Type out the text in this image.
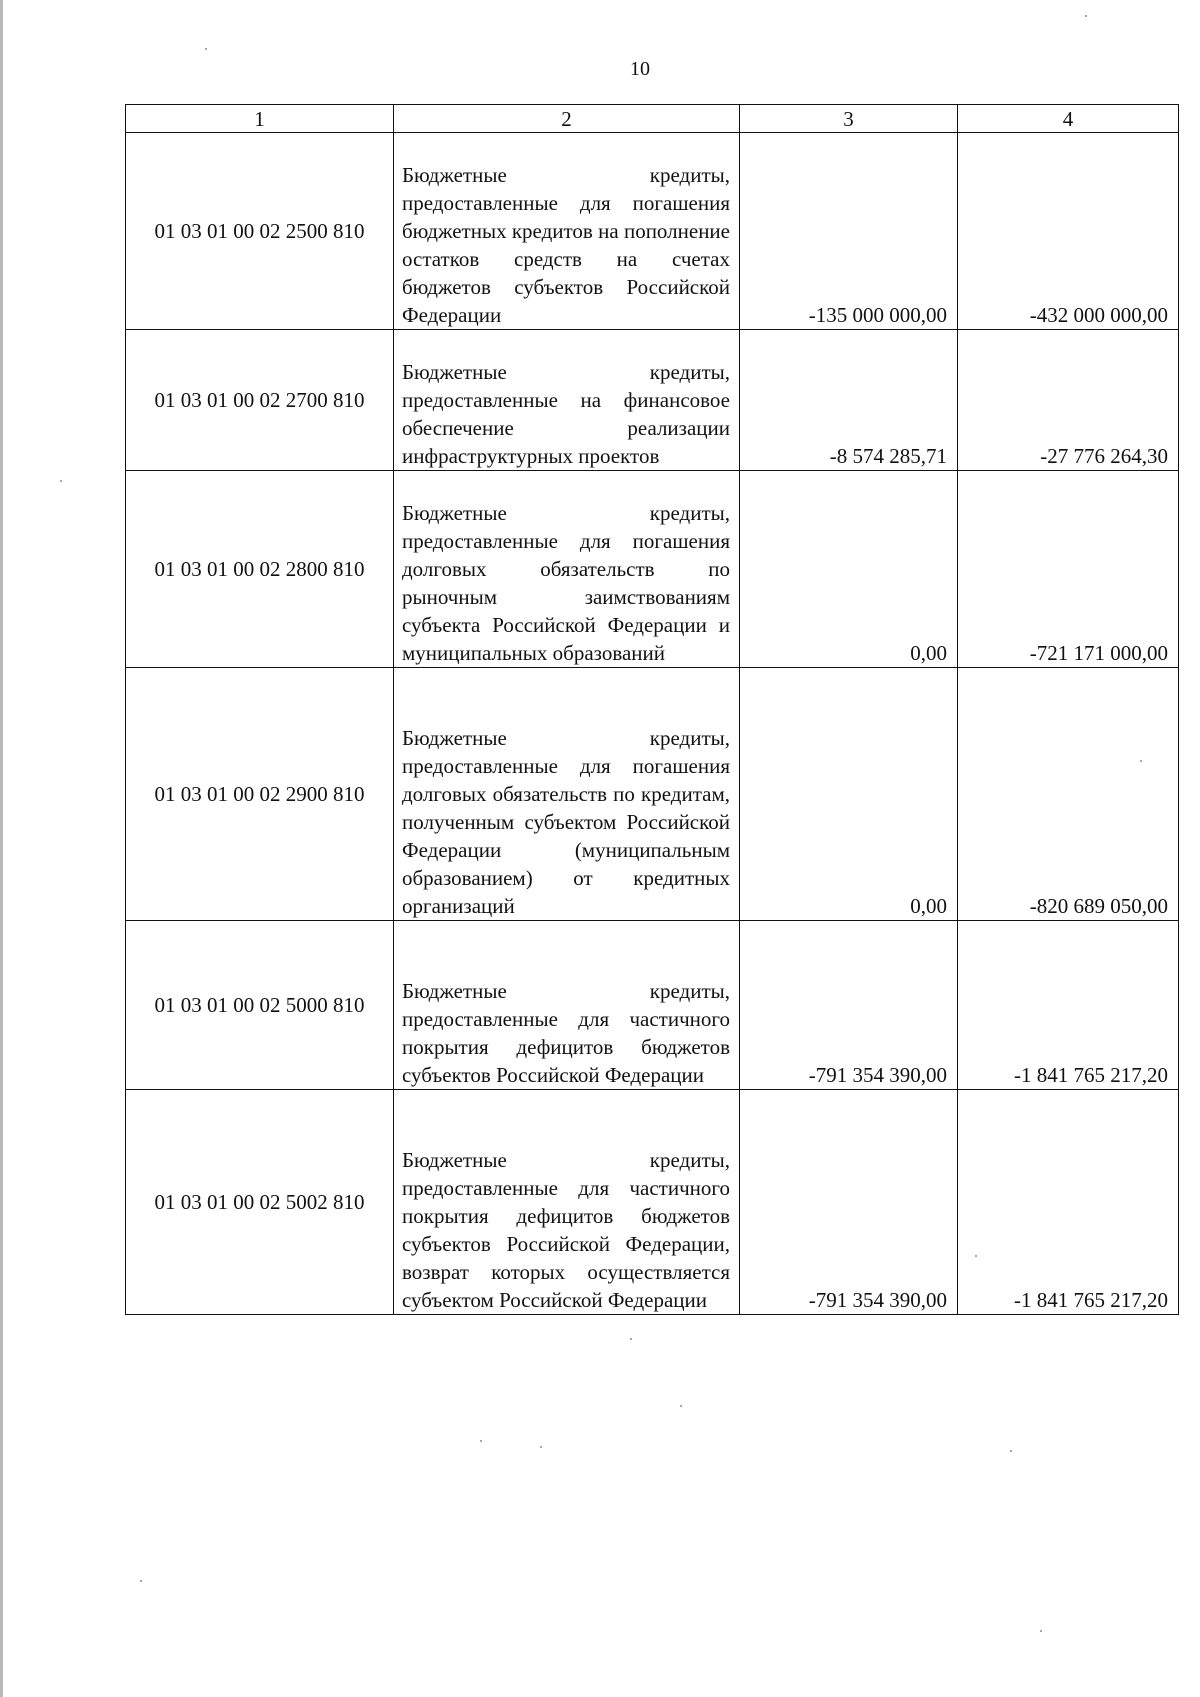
10
1	2	3	4
01 03 01 00 02 2500 810	Бюджетные кредиты, предоставленные для погашения бюджетных кредитов на пополнение остатков средств на счетах бюджетов субъектов Российской Федерации	-135 000 000,00	-432 000 000,00
01 03 01 00 02 2700 810	Бюджетные кредиты, предоставленные на финансовое обеспечение реализации инфраструктурных проектов	-8 574 285,71	-27 776 264,30
01 03 01 00 02 2800 810	Бюджетные кредиты, предоставленные для погашения долговых обязательств по рыночным заимствованиям субъекта Российской Федерации и муниципальных образований	0,00	-721 171 000,00
01 03 01 00 02 2900 810	Бюджетные кредиты, предоставленные для погашения долговых обязательств по кредитам, полученным субъектом Российской Федерации (муниципальным образованием) от кредитных организаций	0,00	-820 689 050,00
01 03 01 00 02 5000 810	Бюджетные кредиты, предоставленные для частичного покрытия дефицитов бюджетов субъектов Российской Федерации	-791 354 390,00	-1 841 765 217,20
01 03 01 00 02 5002 810	Бюджетные кредиты, предоставленные для частичного покрытия дефицитов бюджетов субъектов Российской Федерации, возврат которых осуществляется субъектом Российской Федерации	-791 354 390,00	-1 841 765 217,20
